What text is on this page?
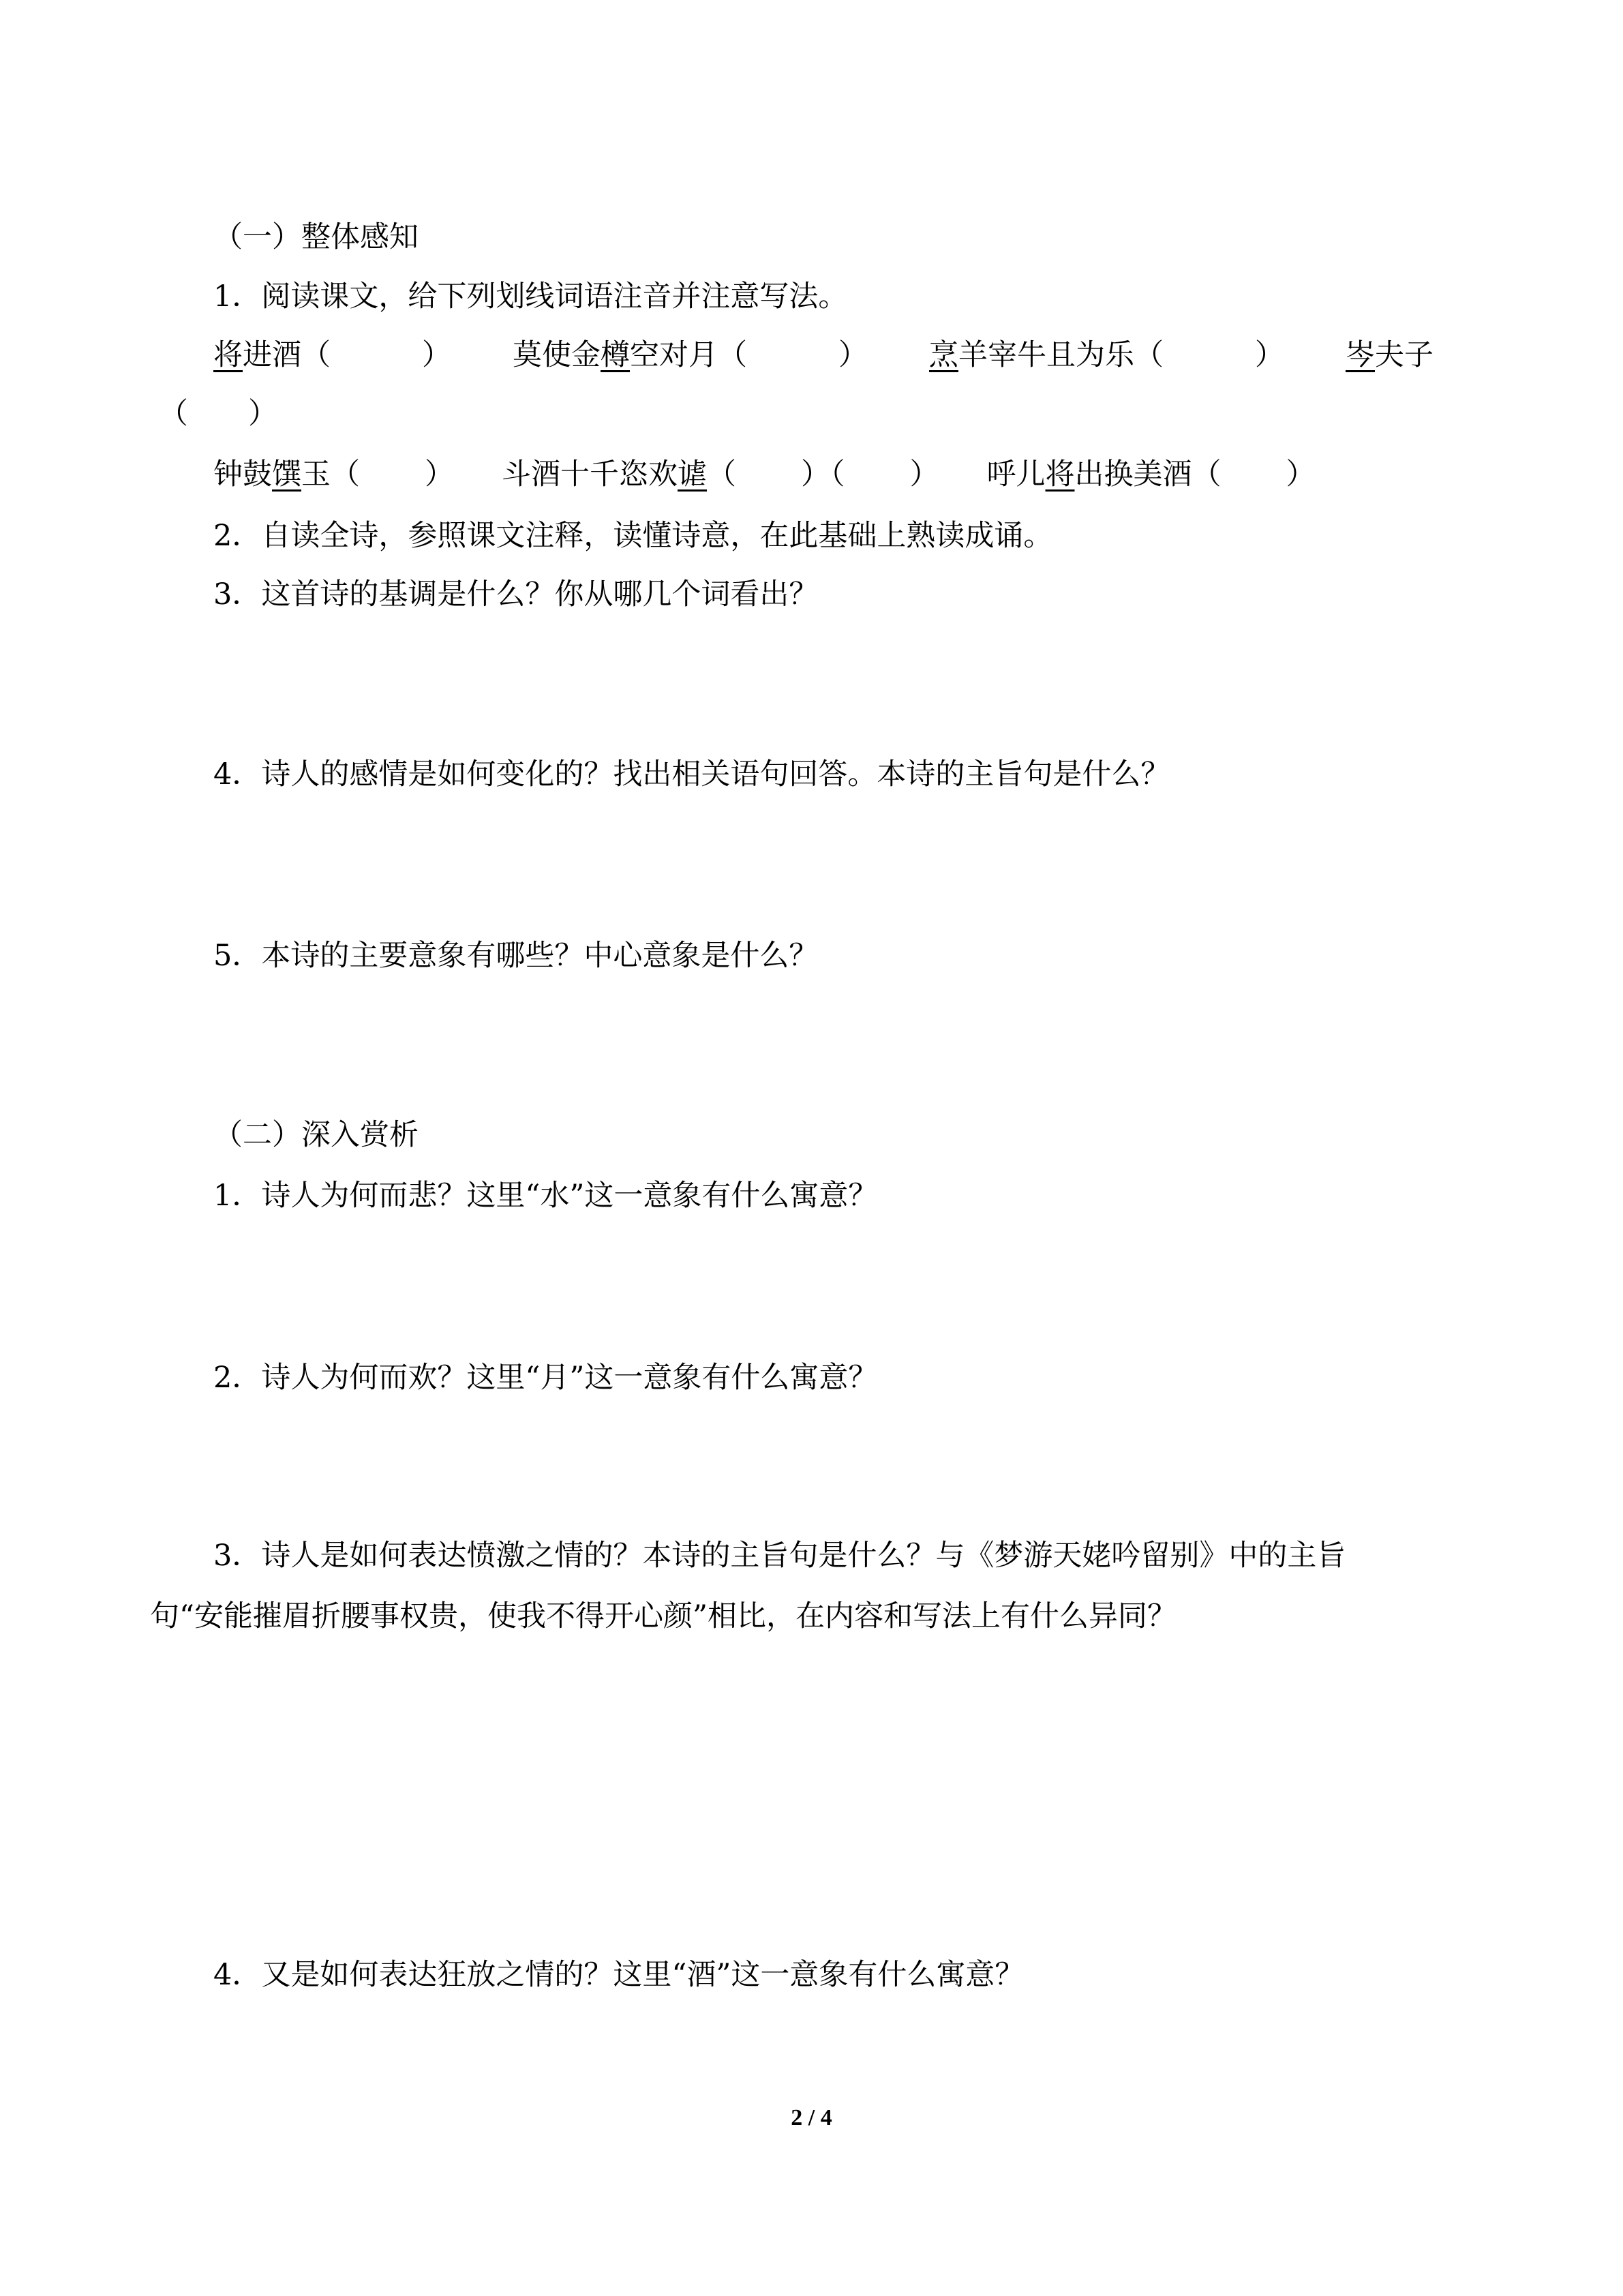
（一）整体感知
1．阅读课文，给下列划线词语注音并注意写法。
将进酒（	） 莫使金樽空对月（	） 烹羊宰牛且为乐（	） 岑夫子
（ ）
钟鼓馔玉（ ） 斗酒十千恣欢谑（ ）（ ） 呼儿将出换美酒（ ）
2．自读全诗，参照课文注释，读懂诗意，在此基础上熟读成诵。
3．这首诗的基调是什么？你从哪几个词看出？
4．诗人的感情是如何变化的？找出相关语句回答。本诗的主旨句是什么？
5．本诗的主要意象有哪些？中心意象是什么？
（二）深入赏析
1．诗人为何而悲？这里“水”这一意象有什么寓意？
2．诗人为何而欢？这里“月”这一意象有什么寓意？
3．诗人是如何表达愤激之情的？本诗的主旨句是什么？与《梦游天姥吟留别》中的主旨
句“安能摧眉折腰事权贵，使我不得开心颜”相比，在内容和写法上有什么异同？
4．又是如何表达狂放之情的？这里“酒”这一意象有什么寓意？
2 / 4
